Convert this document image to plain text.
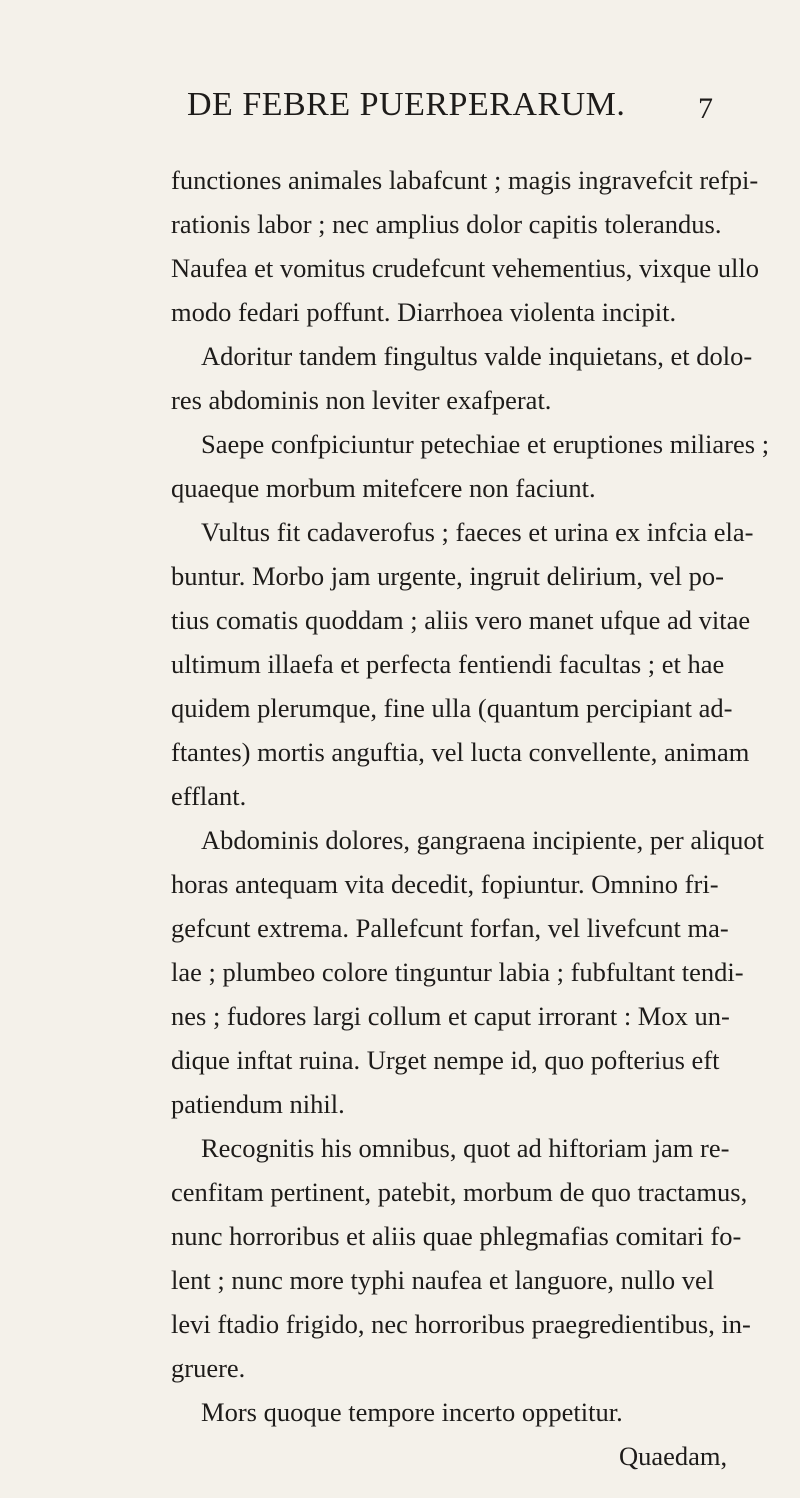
DE FEBRE PUERPERARUM. 7
functiones animales labafcunt ; magis ingravefcit refpi-
rationis labor ; nec amplius dolor capitis tolerandus.
Naufea et vomitus crudefcunt vehementius, vixque ullo
modo fedari poffunt. Diarrhoea violenta incipit.
Adoritur tandem fingultus valde inquietans, et dolo-
res abdominis non leviter exafperat.
Saepe confpiciuntur petechiae et eruptiones miliares ;
quaeque morbum mitefcere non faciunt.
Vultus fit cadaverofus ; faeces et urina ex infcia ela-
buntur. Morbo jam urgente, ingruit delirium, vel po-
tius comatis quoddam ; aliis vero manet ufque ad vitae
ultimum illaefa et perfecta fentiendi facultas ; et hae
quidem plerumque, fine ulla (quantum percipiant ad-
ftantes) mortis anguftia, vel lucta convellente, animam
efflant.
Abdominis dolores, gangraena incipiente, per aliquot
horas antequam vita decedit, fopiuntur. Omnino fri-
gefcunt extrema. Pallefcunt forfan, vel livefcunt ma-
lae ; plumbeo colore tinguntur labia ; fubfultant tendi-
nes ; fudores largi collum et caput irrorant : Mox un-
dique inftat ruina. Urget nempe id, quo pofterius eft
patiendum nihil.
Recognitis his omnibus, quot ad hiftoriam jam re-
cenfitam pertinent, patebit, morbum de quo tractamus,
nunc horroribus et aliis quae phlegmafias comitari fo-
lent ; nunc more typhi naufea et languore, nullo vel
levi ftadio frigido, nec horroribus praegredientibus, in-
gruere.
Mors quoque tempore incerto oppetitur.
Quaedam,
